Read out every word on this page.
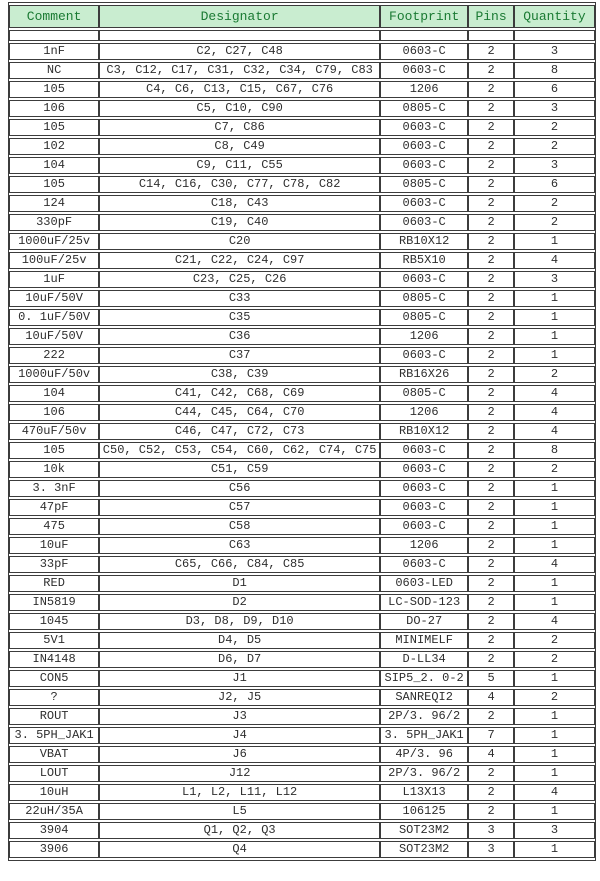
Comment	Designator	Footprint	Pins	Quantity

1nF	C2, C27, C48	0603-C	2	3
NC	C3, C12, C17, C31, C32, C34, C79, C83	0603-C	2	8
105	C4, C6, C13, C15, C67, C76	1206	2	6
106	C5, C10, C90	0805-C	2	3
105	C7, C86	0603-C	2	2
102	C8, C49	0603-C	2	2
104	C9, C11, C55	0603-C	2	3
105	C14, C16, C30, C77, C78, C82	0805-C	2	6
124	C18, C43	0603-C	2	2
330pF	C19, C40	0603-C	2	2
1000uF/25v	C20	RB10X12	2	1
100uF/25v	C21, C22, C24, C97	RB5X10	2	4
1uF	C23, C25, C26	0603-C	2	3
10uF/50V	C33	0805-C	2	1
0. 1uF/50V	C35	0805-C	2	1
10uF/50V	C36	1206	2	1
222	C37	0603-C	2	1
1000uF/50v	C38, C39	RB16X26	2	2
104	C41, C42, C68, C69	0805-C	2	4
106	C44, C45, C64, C70	1206	2	4
470uF/50v	C46, C47, C72, C73	RB10X12	2	4
105	C50, C52, C53, C54, C60, C62, C74, C75	0603-C	2	8
10k	C51, C59	0603-C	2	2
3. 3nF	C56	0603-C	2	1
47pF	C57	0603-C	2	1
475	C58	0603-C	2	1
10uF	C63	1206	2	1
33pF	C65, C66, C84, C85	0603-C	2	4
RED	D1	0603-LED	2	1
IN5819	D2	LC-SOD-123	2	1
1045	D3, D8, D9, D10	DO-27	2	4
5V1	D4, D5	MINIMELF	2	2
IN4148	D6, D7	D-LL34	2	2
CON5	J1	SIP5_2. 0-2	5	1
?	J2, J5	SANREQI2	4	2
ROUT	J3	2P/3. 96/2	2	1
3. 5PH_JAK1	J4	3. 5PH_JAK1	7	1
VBAT	J6	4P/3. 96	4	1
LOUT	J12	2P/3. 96/2	2	1
10uH	L1, L2, L11, L12	L13X13	2	4
22uH/35A	L5	106125	2	1
3904	Q1, Q2, Q3	SOT23M2	3	3
3906	Q4	SOT23M2	3	1
